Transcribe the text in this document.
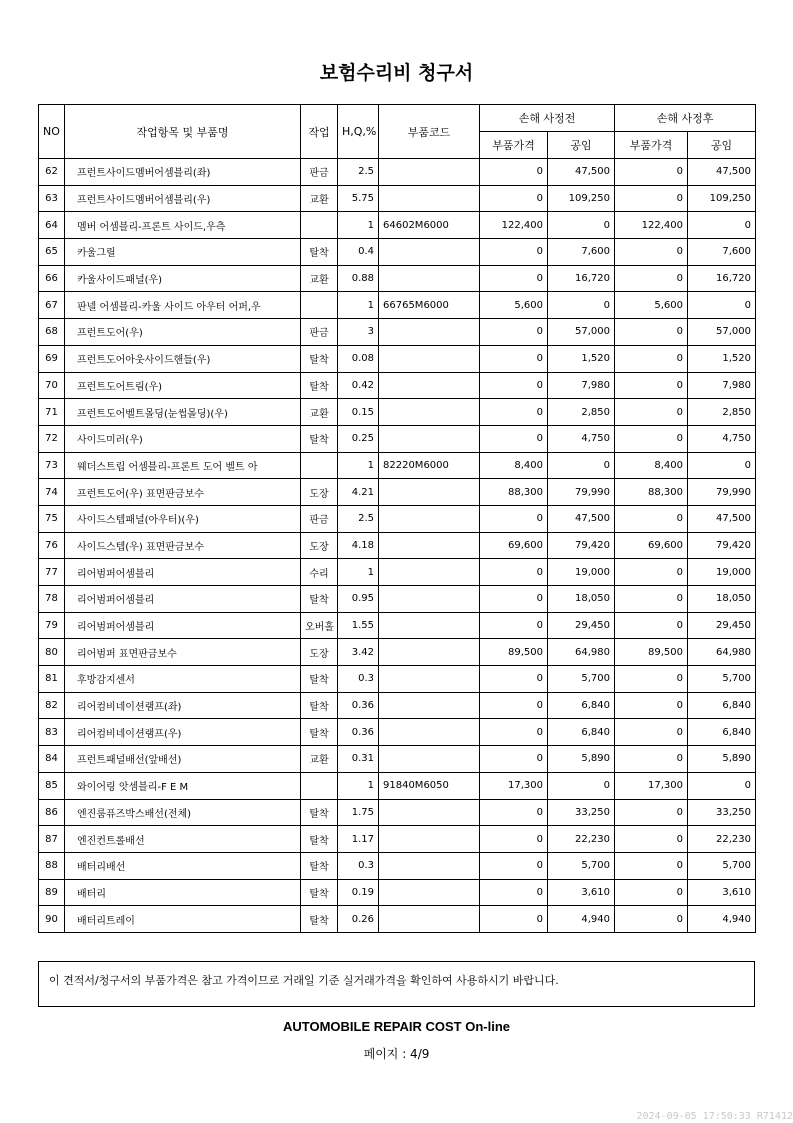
보험수리비 청구서
NO	작업항목 및 부품명	작업	H,Q,%	부품코드	손해 사정전		손해 사정후	
					부품가격	공임	부품가격	공임
62	프런트사이드멤버어셈블리(좌)	판금	2.5		0	47,500	0	47,500
63	프런트사이드멤버어셈블리(우)	교환	5.75		0	109,250	0	109,250
64	멤버 어셈블리-프론트 사이드,우측		1	64602M6000	122,400	0	122,400	0
65	카울그릴	탈착	0.4		0	7,600	0	7,600
66	카울사이드패널(우)	교환	0.88		0	16,720	0	16,720
67	판넬 어셈블리-카울 사이드 아우터 어퍼,우		1	66765M6000	5,600	0	5,600	0
68	프런트도어(우)	판금	3		0	57,000	0	57,000
69	프런트도어아웃사이드핸들(우)	탈착	0.08		0	1,520	0	1,520
70	프런트도어트림(우)	탈착	0.42		0	7,980	0	7,980
71	프런트도어벨트몰딩(눈썹몰딩)(우)	교환	0.15		0	2,850	0	2,850
72	사이드미러(우)	탈착	0.25		0	4,750	0	4,750
73	웨더스트립 어셈블리-프론트 도어 벨트 아		1	82220M6000	8,400	0	8,400	0
74	프런트도어(우) 표면판금보수	도장	4.21		88,300	79,990	88,300	79,990
75	사이드스텝패널(아우터)(우)	판금	2.5		0	47,500	0	47,500
76	사이드스텝(우) 표면판금보수	도장	4.18		69,600	79,420	69,600	79,420
77	리어범퍼어셈블리	수리	1		0	19,000	0	19,000
78	리어범퍼어셈블리	탈착	0.95		0	18,050	0	18,050
79	리어범퍼어셈블리	오버홀	1.55		0	29,450	0	29,450
80	리어범퍼 표면판금보수	도장	3.42		89,500	64,980	89,500	64,980
81	후방감지센서	탈착	0.3		0	5,700	0	5,700
82	리어컴비네이션램프(좌)	탈착	0.36		0	6,840	0	6,840
83	리어컴비네이션램프(우)	탈착	0.36		0	6,840	0	6,840
84	프런트패널배선(앞배선)	교환	0.31		0	5,890	0	5,890
85	와이어링 앗셈블리-F E M		1	91840M6050	17,300	0	17,300	0
86	엔진룸퓨즈박스배선(전체)	탈착	1.75		0	33,250	0	33,250
87	엔진컨트롤배선	탈착	1.17		0	22,230	0	22,230
88	배터리배선	탈착	0.3		0	5,700	0	5,700
89	배터리	탈착	0.19		0	3,610	0	3,610
90	배터리트레이	탈착	0.26		0	4,940	0	4,940
이 견적서/청구서의 부품가격은 참고 가격이므로 거래일 기준 실거래가격을 확인하여 사용하시기 바랍니다.
AUTOMOBILE REPAIR COST On-line
페이지 : 4/9
2024-09-05 17:50:33 R71412
